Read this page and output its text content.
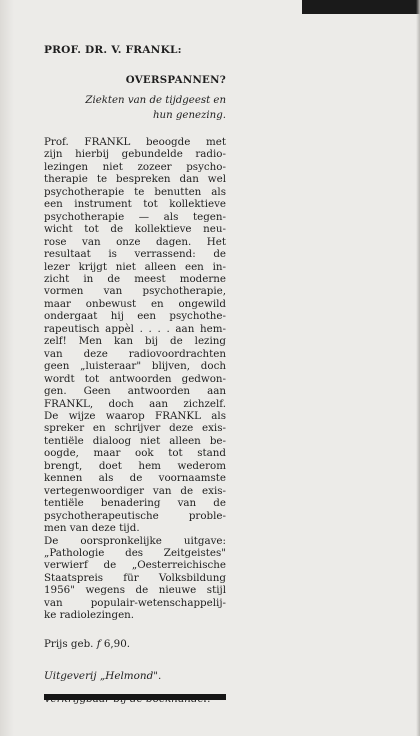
PROF. DR. V. FRANKL:

OVERSPANNEN?

Ziekten van de tijdgeest en
hun genezing.

Prof. FRANKL beoogde met
zijn hierbij gebundelde radio-
lezingen niet zozeer psycho-
therapie te bespreken dan wel
psychotherapie te benutten als
een instrument tot kollektieve
psychotherapie — als tegen-
wicht tot de kollektieve neu-
rose van onze dagen. Het
resultaat is verrassend: de
lezer krijgt niet alleen een in-
zicht in de meest moderne
vormen van psychotherapie,
maar onbewust en ongewild
ondergaat hij een psychothe-
rapeutisch appèl . . . . aan hem-
zelf! Men kan bij de lezing
van deze radiovoordrachten
geen „luisteraar" blijven, doch
wordt tot antwoorden gedwon-
gen. Geen antwoorden aan
FRANKL, doch aan zichzelf.
De wijze waarop FRANKL als
spreker en schrijver deze exis-
tentiële dialoog niet alleen be-
oogde, maar ook tot stand
brengt, doet hem wederom
kennen als de voornaamste
vertegenwoordiger van de exis-
tentiële benadering van de
psychotherapeutische proble-
men van deze tijd.
De oorspronkelijke uitgave:
„Pathologie des Zeitgeistes"
verwierf de „Oesterreichische
Staatspreis für Volksbildung
1956" wegens de nieuwe stijl
van populair-wetenschappelij-
ke radiolezingen.
Prijs geb. f 6,90.
Uitgeverij „Helmond".
